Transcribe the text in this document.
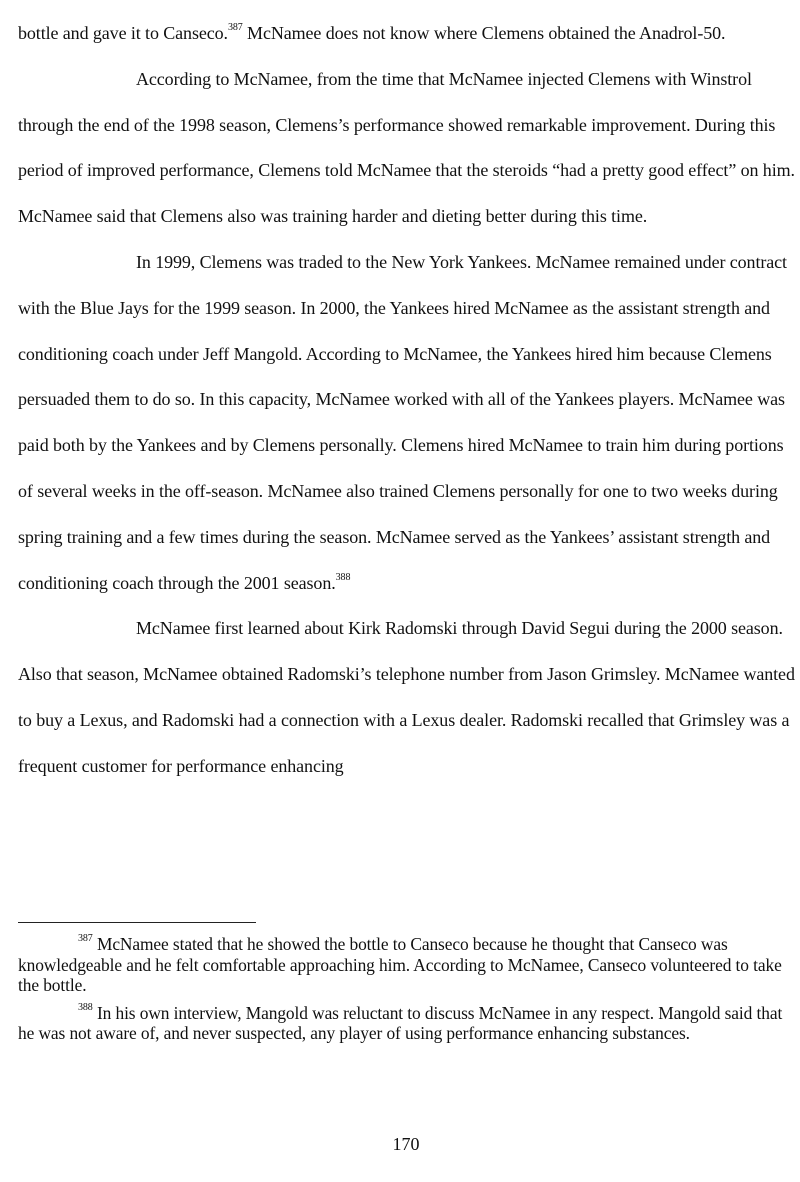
bottle and gave it to Canseco.$^{387}$ McNamee does not know where Clemens obtained the Anadrol-50.

According to McNamee, from the time that McNamee injected Clemens with Winstrol through the end of the 1998 season, Clemens’s performance showed remarkable improvement. During this period of improved performance, Clemens told McNamee that the steroids “had a pretty good effect” on him. McNamee said that Clemens also was training harder and dieting better during this time.

In 1999, Clemens was traded to the New York Yankees. McNamee remained under contract with the Blue Jays for the 1999 season. In 2000, the Yankees hired McNamee as the assistant strength and conditioning coach under Jeff Mangold. According to McNamee, the Yankees hired him because Clemens persuaded them to do so. In this capacity, McNamee worked with all of the Yankees players. McNamee was paid both by the Yankees and by Clemens personally. Clemens hired McNamee to train him during portions of several weeks in the off-season. McNamee also trained Clemens personally for one to two weeks during spring training and a few times during the season. McNamee served as the Yankees’ assistant strength and conditioning coach through the 2001 season.$^{388}$

McNamee first learned about Kirk Radomski through David Segui during the 2000 season. Also that season, McNamee obtained Radomski’s telephone number from Jason Grimsley. McNamee wanted to buy a Lexus, and Radomski had a connection with a Lexus dealer. Radomski recalled that Grimsley was a frequent customer for performance enhancing

$^{387}$ McNamee stated that he showed the bottle to Canseco because he thought that Canseco was knowledgeable and he felt comfortable approaching him. According to McNamee, Canseco volunteered to take the bottle.

$^{388}$ In his own interview, Mangold was reluctant to discuss McNamee in any respect. Mangold said that he was not aware of, and never suspected, any player of using performance enhancing substances.

170
